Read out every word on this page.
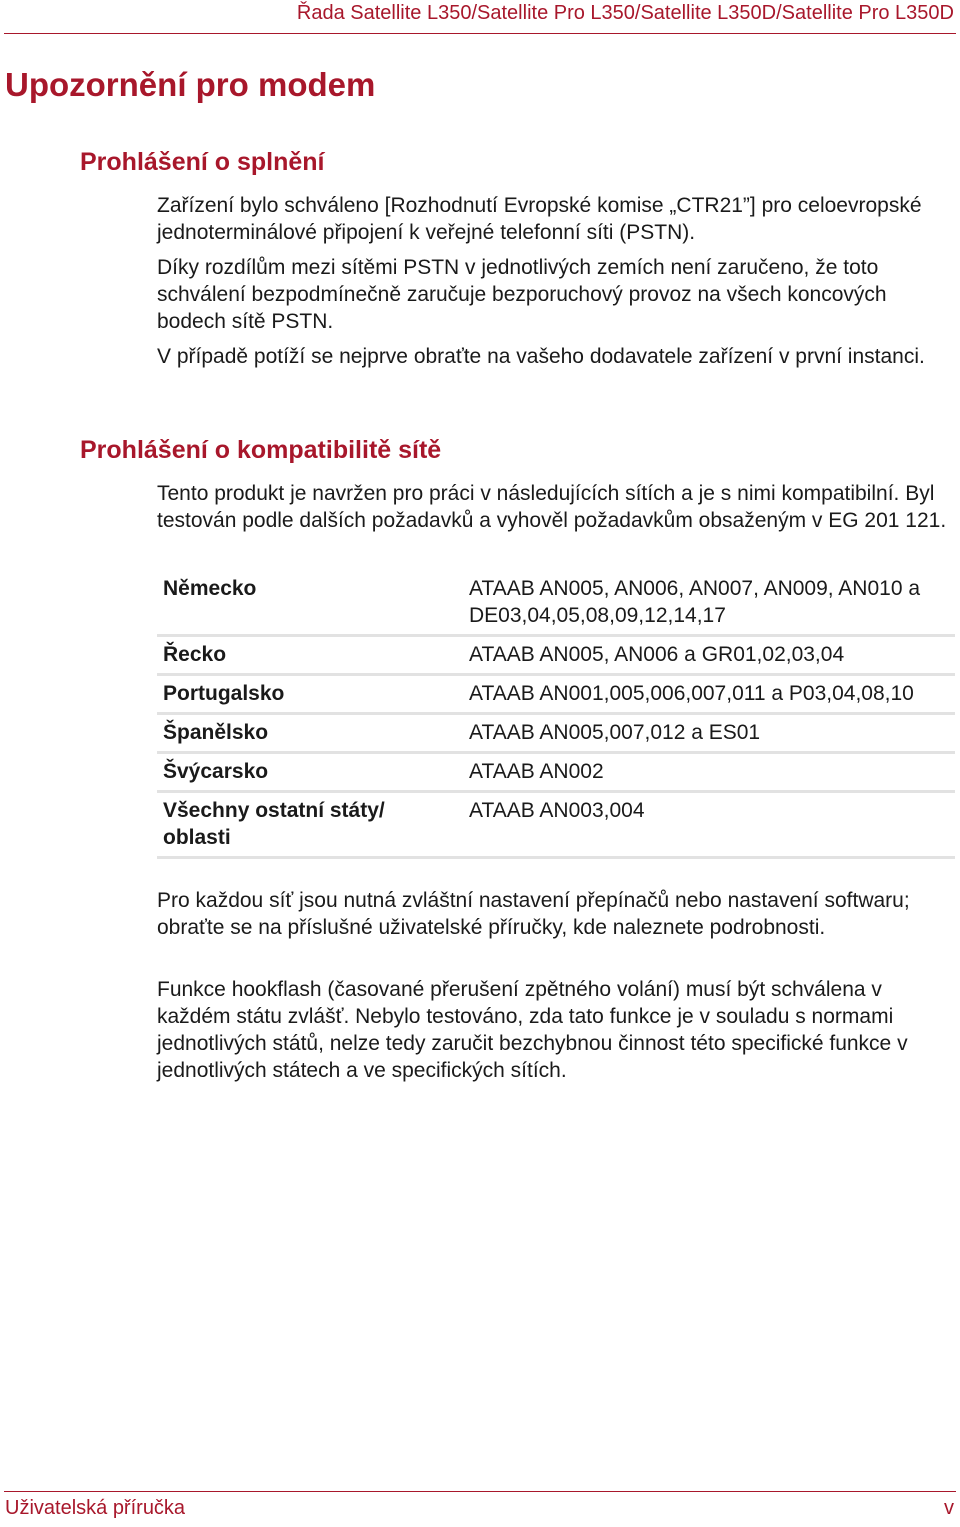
Řada Satellite L350/Satellite Pro L350/Satellite L350D/Satellite Pro L350D
Upozornění pro modem
Prohlášení o splnění

Zařízení bylo schváleno [Rozhodnutí Evropské komise „CTR21”] pro celoevropské jednoterminálové připojení k veřejné telefonní síti (PSTN).

Díky rozdílům mezi sítěmi PSTN v jednotlivých zemích není zaručeno, že toto schválení bezpodmínečně zaručuje bezporuchový provoz na všech koncových bodech sítě PSTN.

V případě potíží se nejprve obraťte na vašeho dodavatele zařízení v první instanci.

Prohlášení o kompatibilitě sítě

Tento produkt je navržen pro práci v následujících sítích a je s nimi kompatibilní. Byl testován podle dalších požadavků a vyhověl požadavkům obsaženým v EG 201 121.

Německo	ATAAB AN005, AN006, AN007, AN009, AN010 a DE03,04,05,08,09,12,14,17
Řecko	ATAAB AN005, AN006 a GR01,02,03,04
Portugalsko	ATAAB AN001,005,006,007,011 a P03,04,08,10
Španělsko	ATAAB AN005,007,012 a ES01
Švýcarsko	ATAAB AN002
Všechny ostatní státy/ oblasti	ATAAB AN003,004

Pro každou síť jsou nutná zvláštní nastavení přepínačů nebo nastavení softwaru; obraťte se na příslušné uživatelské příručky, kde naleznete podrobnosti.

Funkce hookflash (časované přerušení zpětného volání) musí být schválena v každém státu zvlášť. Nebylo testováno, zda tato funkce je v souladu s normami jednotlivých států, nelze tedy zaručit bezchybnou činnost této specifické funkce v jednotlivých státech a ve specifických sítích.

Uživatelská příručka	v
